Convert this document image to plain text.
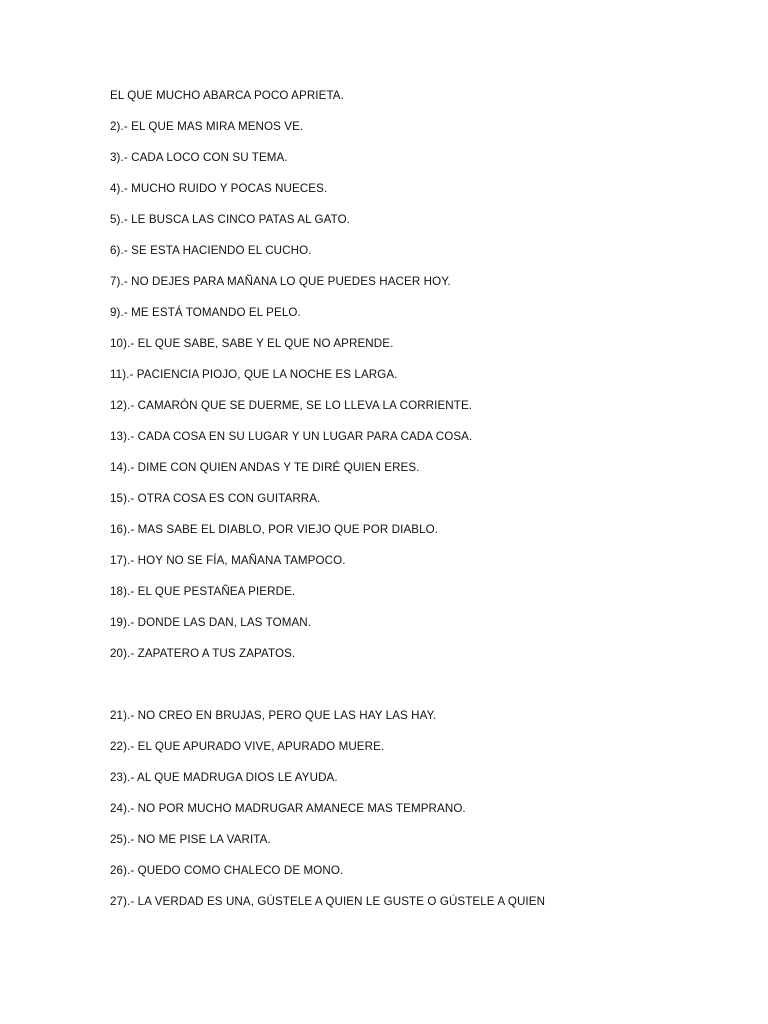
EL QUE MUCHO ABARCA POCO APRIETA.
2).- EL QUE MAS MIRA MENOS VE.
3).- CADA LOCO CON SU TEMA.
4).- MUCHO RUIDO Y POCAS NUECES.
5).- LE BUSCA LAS CINCO PATAS AL GATO.
6).- SE ESTA HACIENDO EL CUCHO.
7).- NO DEJES PARA MAÑANA LO QUE PUEDES HACER HOY.
9).- ME ESTÁ TOMANDO EL PELO.
10).- EL QUE SABE, SABE Y EL QUE NO APRENDE.
11).- PACIENCIA PIOJO, QUE LA NOCHE ES LARGA.
12).- CAMARÓN QUE SE DUERME, SE LO LLEVA LA CORRIENTE.
13).- CADA COSA EN SU LUGAR Y UN LUGAR PARA CADA COSA.
14).- DIME CON QUIEN ANDAS Y TE DIRÉ QUIEN ERES.
15).- OTRA COSA ES CON GUITARRA.
16).- MAS SABE EL DIABLO, POR VIEJO QUE POR DIABLO.
17).- HOY NO SE FÍA, MAÑANA TAMPOCO.
18).- EL QUE PESTAÑEA PIERDE.
19).- DONDE LAS DAN, LAS TOMAN.
20).- ZAPATERO A TUS ZAPATOS.
21).- NO CREO EN BRUJAS, PERO QUE LAS HAY LAS HAY.
22).- EL QUE APURADO VIVE, APURADO MUERE.
23).- AL QUE MADRUGA DIOS LE AYUDA.
24).- NO POR MUCHO MADRUGAR AMANECE MAS TEMPRANO.
25).- NO ME PISE LA VARITA.
26).- QUEDO COMO CHALECO DE MONO.
27).- LA VERDAD ES UNA, GÚSTELE A QUIEN LE GUSTE O GÚSTELE A QUIEN
